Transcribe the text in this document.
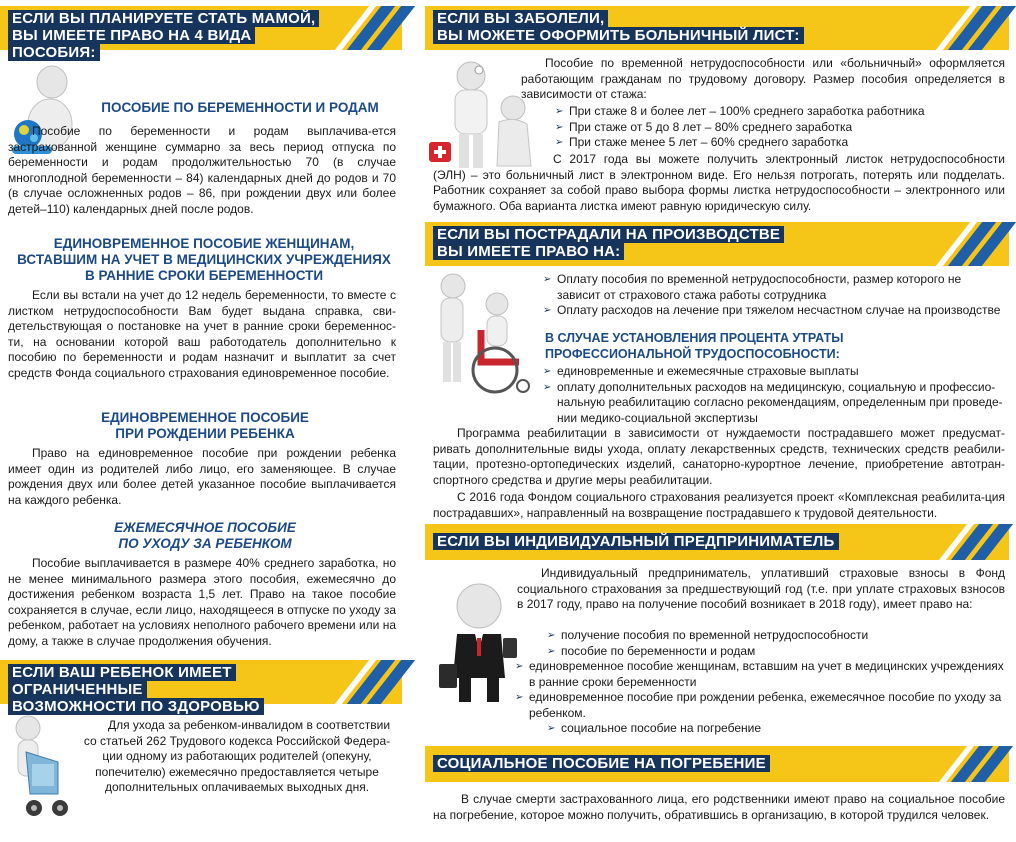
ЕСЛИ ВЫ ПЛАНИРУЕТЕ СТАТЬ МАМОЙ,
ВЫ ИМЕЕТЕ ПРАВО НА 4 ВИДА ПОСОБИЯ:
ПОСОБИЕ ПО БЕРЕМЕННОСТИ И РОДАМ
Пособие по беременности и родам выплачива-ется застрахованной женщине суммарно за весь период отпуска по беременности и родам продолжительностью 70 (в случае многоплодной беременности – 84) календарных дней до родов и 70 (в случае осложненных родов – 86, при рождении двух или более детей–110) календарных дней после родов.
ЕДИНОВРЕМЕННОЕ ПОСОБИЕ ЖЕНЩИНАМ, ВСТАВШИМ НА УЧЕТ В МЕДИЦИНСКИХ УЧРЕЖДЕНИЯХ В РАННИЕ СРОКИ БЕРЕМЕННОСТИ
Если вы встали на учет до 12 недель беременности, то вместе с листком нетрудоспособности Вам будет выдана справка, сви-детельствующая о постановке на учет в ранние сроки беременнос-ти, на основании которой ваш работодатель дополнительно к пособию по беременности и родам назначит и выплатит за счет средств Фонда социального страхования единовременное пособие.
ЕДИНОВРЕМЕННОЕ ПОСОБИЕ
ПРИ РОЖДЕНИИ РЕБЕНКА
Право на единовременное пособие при рождении ребенка имеет один из родителей либо лицо, его заменяющее. В случае рождения двух или более детей указанное пособие выплачивается на каждого ребенка.
ЕЖЕМЕСЯЧНОЕ ПОСОБИЕ
ПО УХОДУ ЗА РЕБЕНКОМ
Пособие выплачивается в размере 40% среднего заработка, но не менее минимального размера этого пособия, ежемесячно до достижения ребенком возраста 1,5 лет. Право на такое пособие сохраняется в случае, если лицо, находящееся в отпуске по уходу за ребенком, работает на условиях неполного рабочего времени или на дому, а также в случае продолжения обучения.
ЕСЛИ ВАШ РЕБЕНОК ИМЕЕТ ОГРАНИЧЕННЫЕ
ВОЗМОЖНОСТИ ПО ЗДОРОВЬЮ
Для ухода за ребенком-инвалидом в соответствии со статьей 262 Трудового кодекса Российской Федера-ции одному из работающих родителей (опекуну, попечителю) ежемесячно предоставляется четыре дополнительных оплачиваемых выходных дня.
ЕСЛИ ВЫ ЗАБОЛЕЛИ,
ВЫ МОЖЕТЕ ОФОРМИТЬ БОЛЬНИЧНЫЙ ЛИСТ:
Пособие по временной нетрудоспособности или «больничный» оформляется работающим гражданам по трудовому договору. Размер пособия определяется в зависимости от стажа:
➢ При стаже 8 и более лет – 100% среднего заработка работника
➢ При стаже от 5 до 8 лет – 80% среднего заработка
➢ При стаже менее 5 лет – 60% среднего заработка
С 2017 года вы можете получить электронный листок нетрудоспособности (ЭЛН) – это больничный лист в электронном виде. Его нельзя потрогать, потерять или подделать. Работник сохраняет за собой право выбора формы листка нетрудоспособности – электронного или бумажного. Оба варианта листка имеют равную юридическую силу.
ЕСЛИ ВЫ ПОСТРАДАЛИ НА ПРОИЗВОДСТВЕ
ВЫ ИМЕЕТЕ ПРАВО НА:
➢ Оплату пособия по временной нетрудоспособности, размер которого не зависит от страхового стажа работы сотрудника
➢ Оплату расходов на лечение при тяжелом несчастном случае на производстве
В СЛУЧАЕ УСТАНОВЛЕНИЯ ПРОЦЕНТА УТРАТЫ ПРОФЕССИОНАЛЬНОЙ ТРУДОСПОСОБНОСТИ:
➢ единовременные и ежемесячные страховые выплаты
➢ оплату дополнительных расходов на медицинскую, социальную и профессио-нальную реабилитацию согласно рекомендациям, определенным при проведе-нии медико-социальной экспертизы
Программа реабилитации в зависимости от нуждаемости пострадавшего может предусмат-ривать дополнительные виды ухода, оплату лекарственных средств, технических средств реабили-тации, протезно-ортопедических изделий, санаторно-курортное лечение, приобретение автотран-спортного средства и другие меры реабилитации.
С 2016 года Фондом социального страхования реализуется проект «Комплексная реабилита-ция пострадавших», направленный на возвращение пострадавшего к трудовой деятельности.
ЕСЛИ ВЫ ИНДИВИДУАЛЬНЫЙ ПРЕДПРИНИМАТЕЛЬ
Индивидуальный предприниматель, уплативший страховые взносы в Фонд социального страхования за предшествующий год (т.е. при уплате страховых взносов в 2017 году, право на получение пособий возникает в 2018 году), имеет право на:
➢ получение пособия по временной нетрудоспособности
➢ пособие по беременности и родам
➢ единовременное пособие женщинам, вставшим на учет в медицинских учреждениях в ранние сроки беременности
➢ единовременное пособие при рождении ребенка, ежемесячное пособие по уходу за ребенком.
➢ социальное пособие на погребение
СОЦИАЛЬНОЕ ПОСОБИЕ НА ПОГРЕБЕНИЕ
В случае смерти застрахованного лица, его родственники имеют право на социальное пособие на погребение, которое можно получить, обратившись в организацию, в которой трудился человек.
